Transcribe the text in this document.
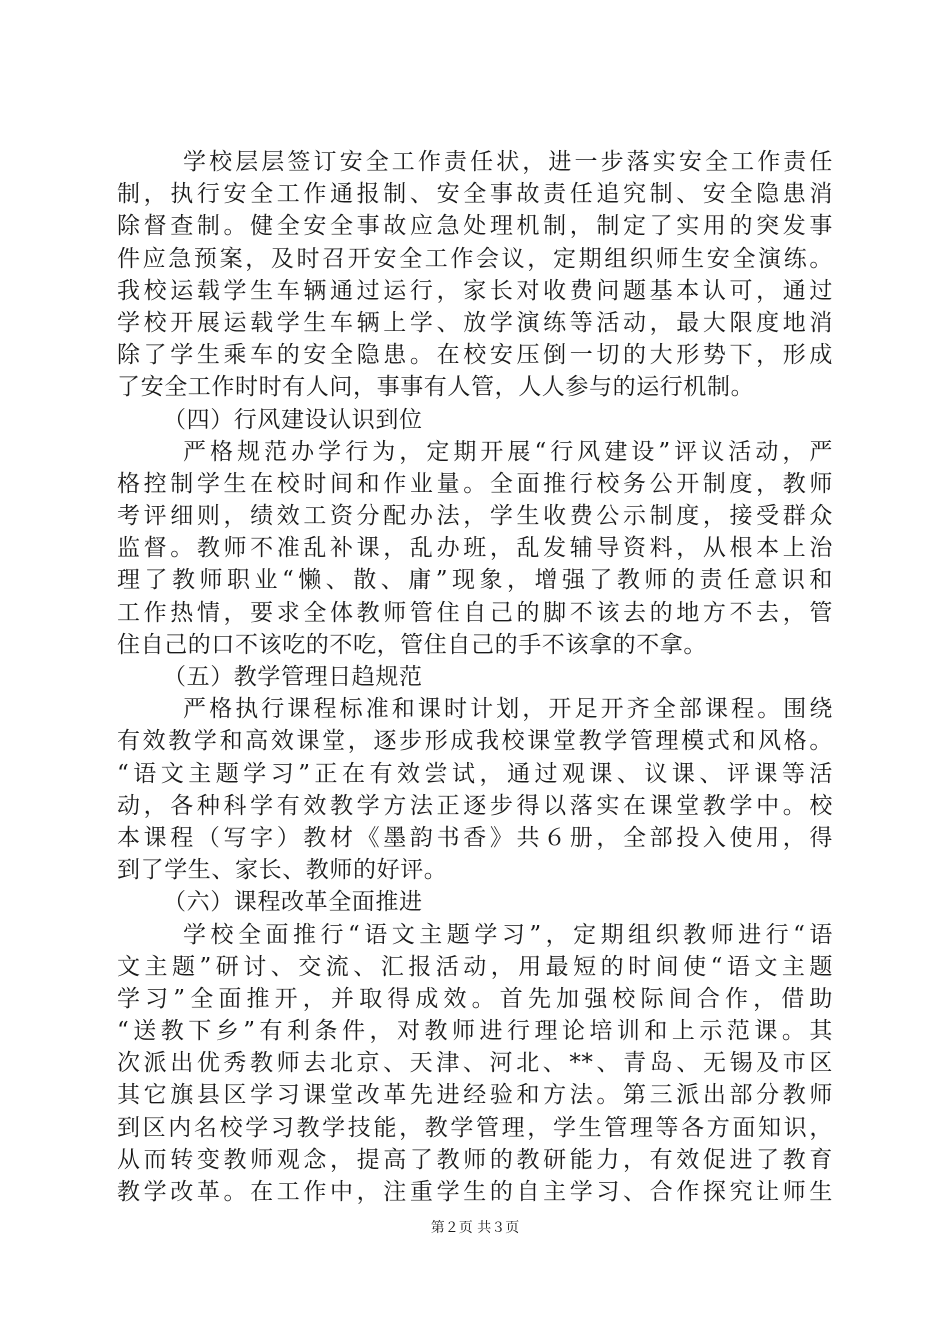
学校层层签订安全工作责任状，进一步落实安全工作责任
制，执行安全工作通报制、安全事故责任追究制、安全隐患消
除督查制。健全安全事故应急处理机制，制定了实用的突发事
件应急预案，及时召开安全工作会议，定期组织师生安全演练。
我校运载学生车辆通过运行，家长对收费问题基本认可，通过
学校开展运载学生车辆上学、放学演练等活动，最大限度地消
除了学生乘车的安全隐患。在校安压倒一切的大形势下，形成
了安全工作时时有人问，事事有人管，人人参与的运行机制。
（四）行风建设认识到位
严格规范办学行为，定期开展“行风建设”评议活动，严
格控制学生在校时间和作业量。全面推行校务公开制度，教师
考评细则，绩效工资分配办法，学生收费公示制度，接受群众
监督。教师不准乱补课，乱办班，乱发辅导资料，从根本上治
理了教师职业“懒、散、庸”现象，增强了教师的责任意识和
工作热情，要求全体教师管住自己的脚不该去的地方不去，管
住自己的口不该吃的不吃，管住自己的手不该拿的不拿。
（五）教学管理日趋规范
严格执行课程标准和课时计划，开足开齐全部课程。围绕
有效教学和高效课堂，逐步形成我校课堂教学管理模式和风格。
“语文主题学习”正在有效尝试，通过观课、议课、评课等活
动，各种科学有效教学方法正逐步得以落实在课堂教学中。校
本课程（写字）教材《墨韵书香》共６册，全部投入使用，得
到了学生、家长、教师的好评。
（六）课程改革全面推进
学校全面推行“语文主题学习”，定期组织教师进行“语
文主题”研讨、交流、汇报活动，用最短的时间使“语文主题
学习”全面推开，并取得成效。首先加强校际间合作，借助
“送教下乡”有利条件，对教师进行理论培训和上示范课。其
次派出优秀教师去北京、天津、河北、**、青岛、无锡及市区
其它旗县区学习课堂改革先进经验和方法。第三派出部分教师
到区内名校学习教学技能，教学管理，学生管理等各方面知识，
从而转变教师观念，提高了教师的教研能力，有效促进了教育
教学改革。在工作中，注重学生的自主学习、合作探究让师生
第２页 共３页
